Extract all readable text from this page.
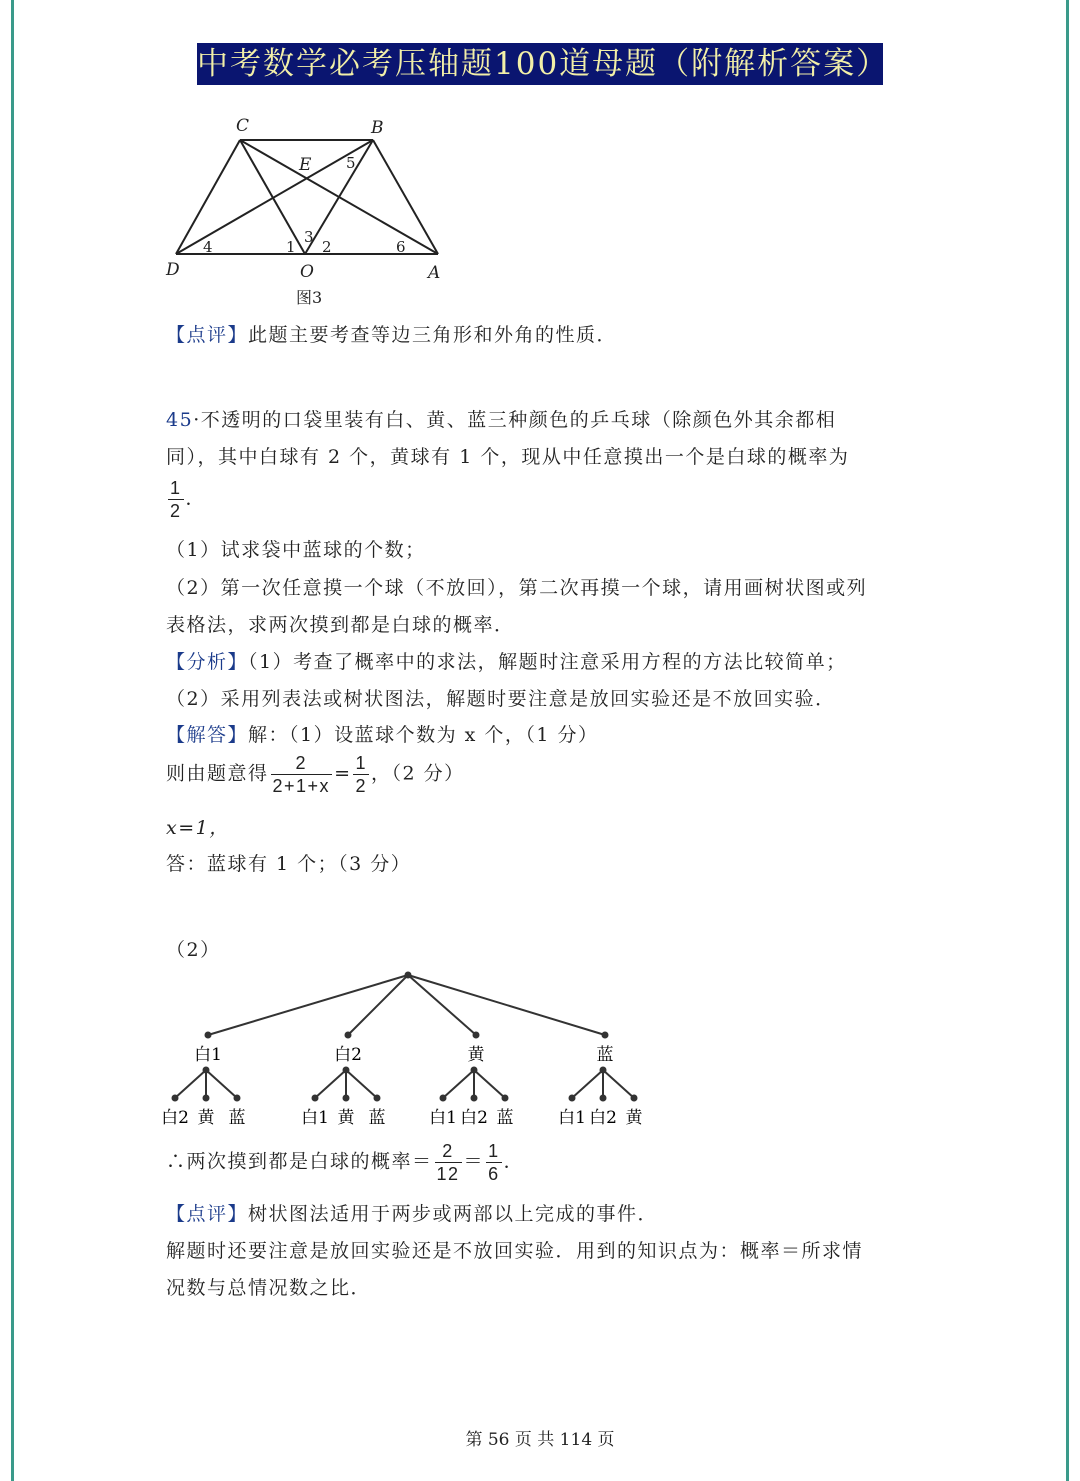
中考数学必考压轴题100道母题（附解析答案）
C	B
D	O	A
E
1 2
3
4
5
6
图3
【点评】此题主要考查等边三角形和外角的性质．
45·不透明的口袋里装有白、黄、蓝三种颜色的乒乓球（除颜色外其余都相
同），其中白球有 2 个，黄球有 1 个，现从中任意摸出一个是白球的概率为
$\frac{1}{2}$ ．
（1）试求袋中蓝球的个数；
（2）第一次任意摸一个球（不放回），第二次再摸一个球，请用画树状图或列
表格法，求两次摸到都是白球的概率．
【分析】（1）考查了概率中的求法，解题时注意采用方程的方法比较简单；
（2）采用列表法或树状图法，解题时要注意是放回实验还是不放回实验．
【解答】解：（1）设蓝球个数为 x 个，（1 分）
则由题意得 $\frac{2}{2+1+x} = \frac{1}{2}$ ，（2 分）
x=1，
答：蓝球有 1 个；（3 分）
（2）
白1
白2 黄 蓝
白2
白1 黄 蓝
黄
白1 白2 蓝
蓝
白1 白2 黄
∴两次摸到都是白球的概率＝ $\frac{2}{12} = \frac{1}{6}$ ．
【点评】树状图法适用于两步或两部以上完成的事件．
解题时还要注意是放回实验还是不放回实验．用到的知识点为：概率＝所求情
况数与总情况数之比．
第 56 页 共 114 页
